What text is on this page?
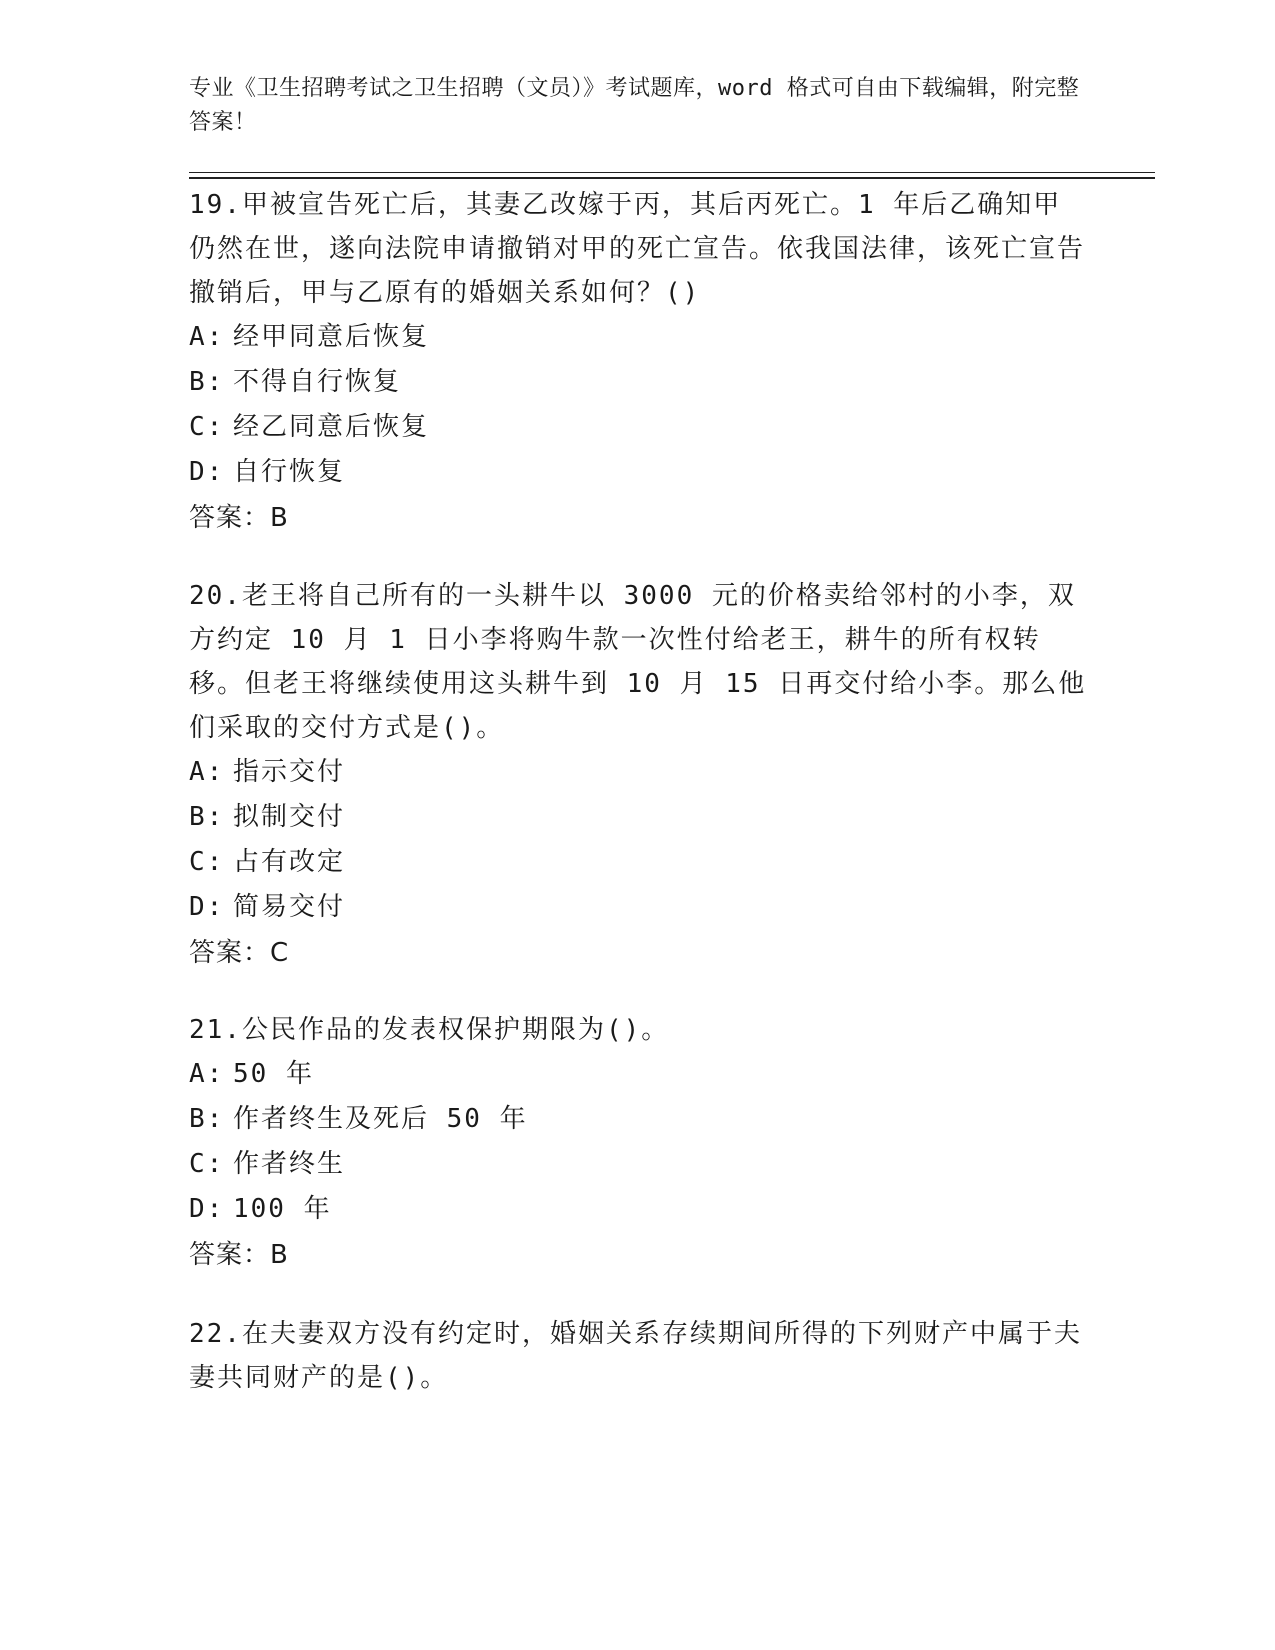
专业《卫生招聘考试之卫生招聘（文员）》考试题库，word 格式可自由下载编辑，附完整答案！

19.甲被宣告死亡后，其妻乙改嫁于丙，其后丙死亡。1 年后乙确知甲仍然在世，遂向法院申请撤销对甲的死亡宣告。依我国法律，该死亡宣告撤销后，甲与乙原有的婚姻关系如何？()

A: 经甲同意后恢复

B: 不得自行恢复

C: 经乙同意后恢复

D: 自行恢复

答案：B

20.老王将自己所有的一头耕牛以 3000 元的价格卖给邻村的小李，双方约定 10 月 1 日小李将购牛款一次性付给老王，耕牛的所有权转移。但老王将继续使用这头耕牛到 10 月 15 日再交付给小李。那么他们采取的交付方式是()。

A: 指示交付

B: 拟制交付

C: 占有改定

D: 简易交付

答案：C

21.公民作品的发表权保护期限为()。

A: 50 年

B: 作者终生及死后 50 年

C: 作者终生

D: 100 年

答案：B

22.在夫妻双方没有约定时，婚姻关系存续期间所得的下列财产中属于夫妻共同财产的是()。
